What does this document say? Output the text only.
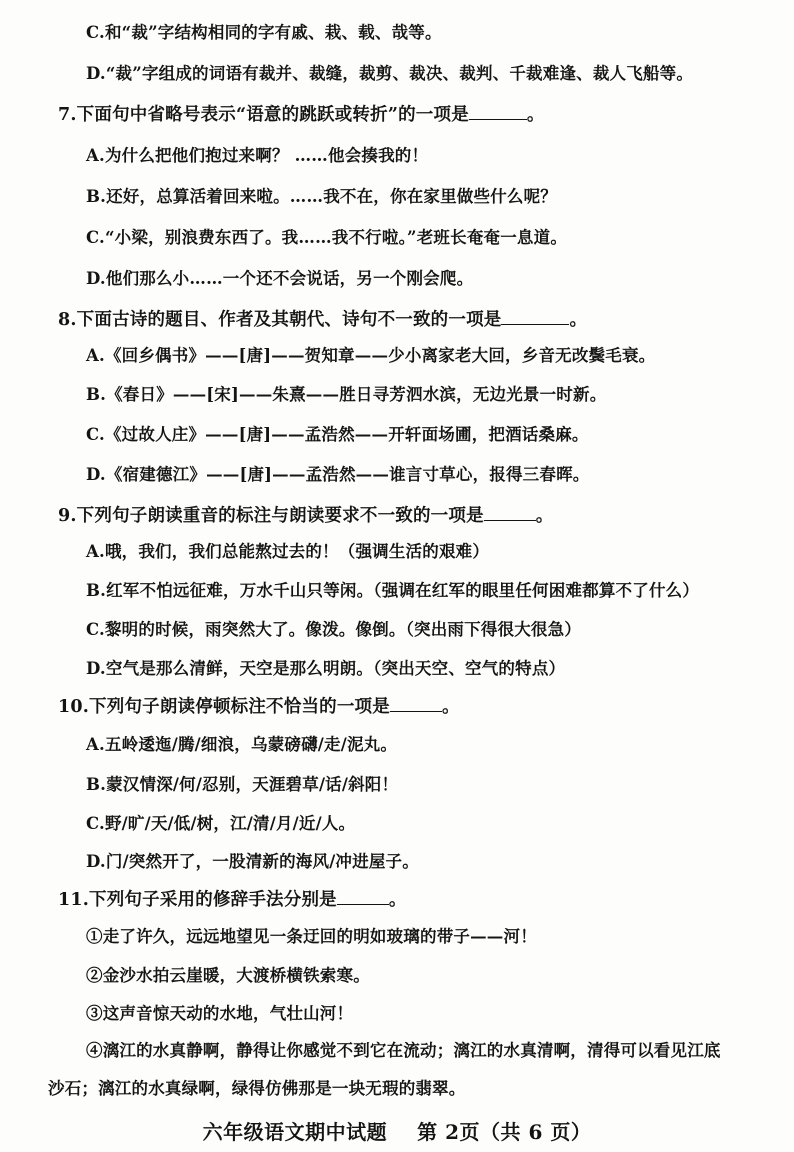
C.和“裁”字结构相同的字有戚、栽、载、哉等。
D.“裁”字组成的词语有裁并、裁缝，裁剪、裁决、裁判、千裁难逢、裁人飞船等。
7.下面句中省略号表示“语意的跳跃或转折”的一项是	。
A.为什么把他们抱过来啊？ ……他会揍我的！
B.还好，总算活着回来啦。……我不在，你在家里做些什么呢？
C.“小梁，别浪费东西了。我……我不行啦。”老班长奄奄一息道。
D.他们那么小……一个还不会说话，另一个刚会爬。
8.下面古诗的题目、作者及其朝代、诗句不一致的一项是	。
A.《回乡偶书》——[唐]——贺知章——少小离家老大回，乡音无改鬓毛衰。
B.《春日》——[宋]——朱熹——胜日寻芳泗水滨，无边光景一时新。
C.《过故人庄》——[唐]——孟浩然——开轩面场圃，把酒话桑麻。
D.《宿建德江》——[唐]——孟浩然——谁言寸草心，报得三春晖。
9.下列句子朗读重音的标注与朗读要求不一致的一项是	。
A.哦，我们，我们总能熬过去的！（强调生活的艰难）
B.红军不怕远征难，万水千山只等闲。（强调在红军的眼里任何困难都算不了什么）
C.黎明的时候，雨突然大了。像泼。像倒。（突出雨下得很大很急）
D.空气是那么清鲜，天空是那么明朗。（突出天空、空气的特点）
10.下列句子朗读停顿标注不恰当的一项是	。
A.五岭逶迤/腾/细浪，乌蒙磅礴/走/泥丸。
B.蒙汉情深/何/忍别，天涯碧草/话/斜阳！
C.野/旷/天/低/树，江/清/月/近/人。
D.门/突然开了，一股清新的海风/冲进屋子。
11.下列句子采用的修辞手法分别是	。
①走了许久，远远地望见一条迂回的明如玻璃的带子——河！
②金沙水拍云崖暖，大渡桥横铁索寒。
③这声音惊天动的水地，气壮山河！
④漓江的水真静啊，静得让你感觉不到它在流动；漓江的水真清啊，清得可以看见江底
沙石；漓江的水真绿啊，绿得仿佛那是一块无瑕的翡翠。
六年级语文期中试题 第 2页（共 6 页）
